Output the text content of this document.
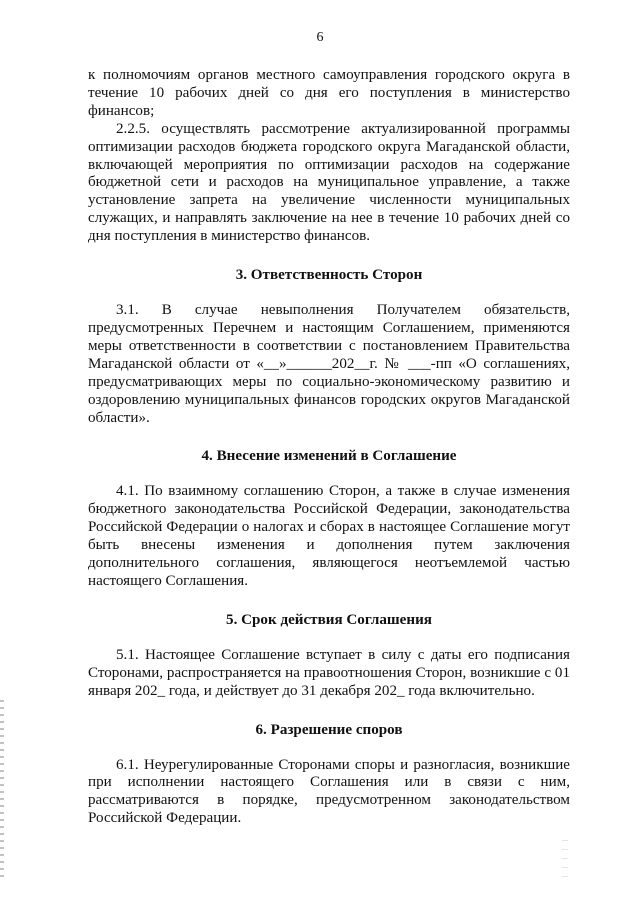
6

к полномочиям органов местного самоуправления городского округа в течение 10 рабочих дней со дня его поступления в министерство финансов;

2.2.5. осуществлять рассмотрение актуализированной программы оптимизации расходов бюджета городского округа Магаданской области, включающей мероприятия по оптимизации расходов на содержание бюджетной сети и расходов на муниципальное управление, а также установление запрета на увеличение численности муниципальных служащих, и направлять заключение на нее в течение 10 рабочих дней со дня поступления в министерство финансов.

3. Ответственность Сторон

3.1. В случае невыполнения Получателем обязательств, предусмотренных Перечнем и настоящим Соглашением, применяются меры ответственности в соответствии с постановлением Правительства Магаданской области от «__»______202__г. № ___-пп «О соглашениях, предусматривающих меры по социально-экономическому развитию и оздоровлению муниципальных финансов городских округов Магаданской области».

4. Внесение изменений в Соглашение

4.1. По взаимному соглашению Сторон, а также в случае изменения бюджетного законодательства Российской Федерации, законодательства Российской Федерации о налогах и сборах в настоящее Соглашение могут быть внесены изменения и дополнения путем заключения дополнительного соглашения, являющегося неотъемлемой частью настоящего Соглашения.

5. Срок действия Соглашения

5.1. Настоящее Соглашение вступает в силу с даты его подписания Сторонами, распространяется на правоотношения Сторон, возникшие с 01 января 202_ года, и действует до 31 декабря 202_ года включительно.

6. Разрешение споров

6.1. Неурегулированные Сторонами споры и разногласия, возникшие при исполнении настоящего Соглашения или в связи с ним, рассматриваются в порядке, предусмотренном законодательством Российской Федерации.
